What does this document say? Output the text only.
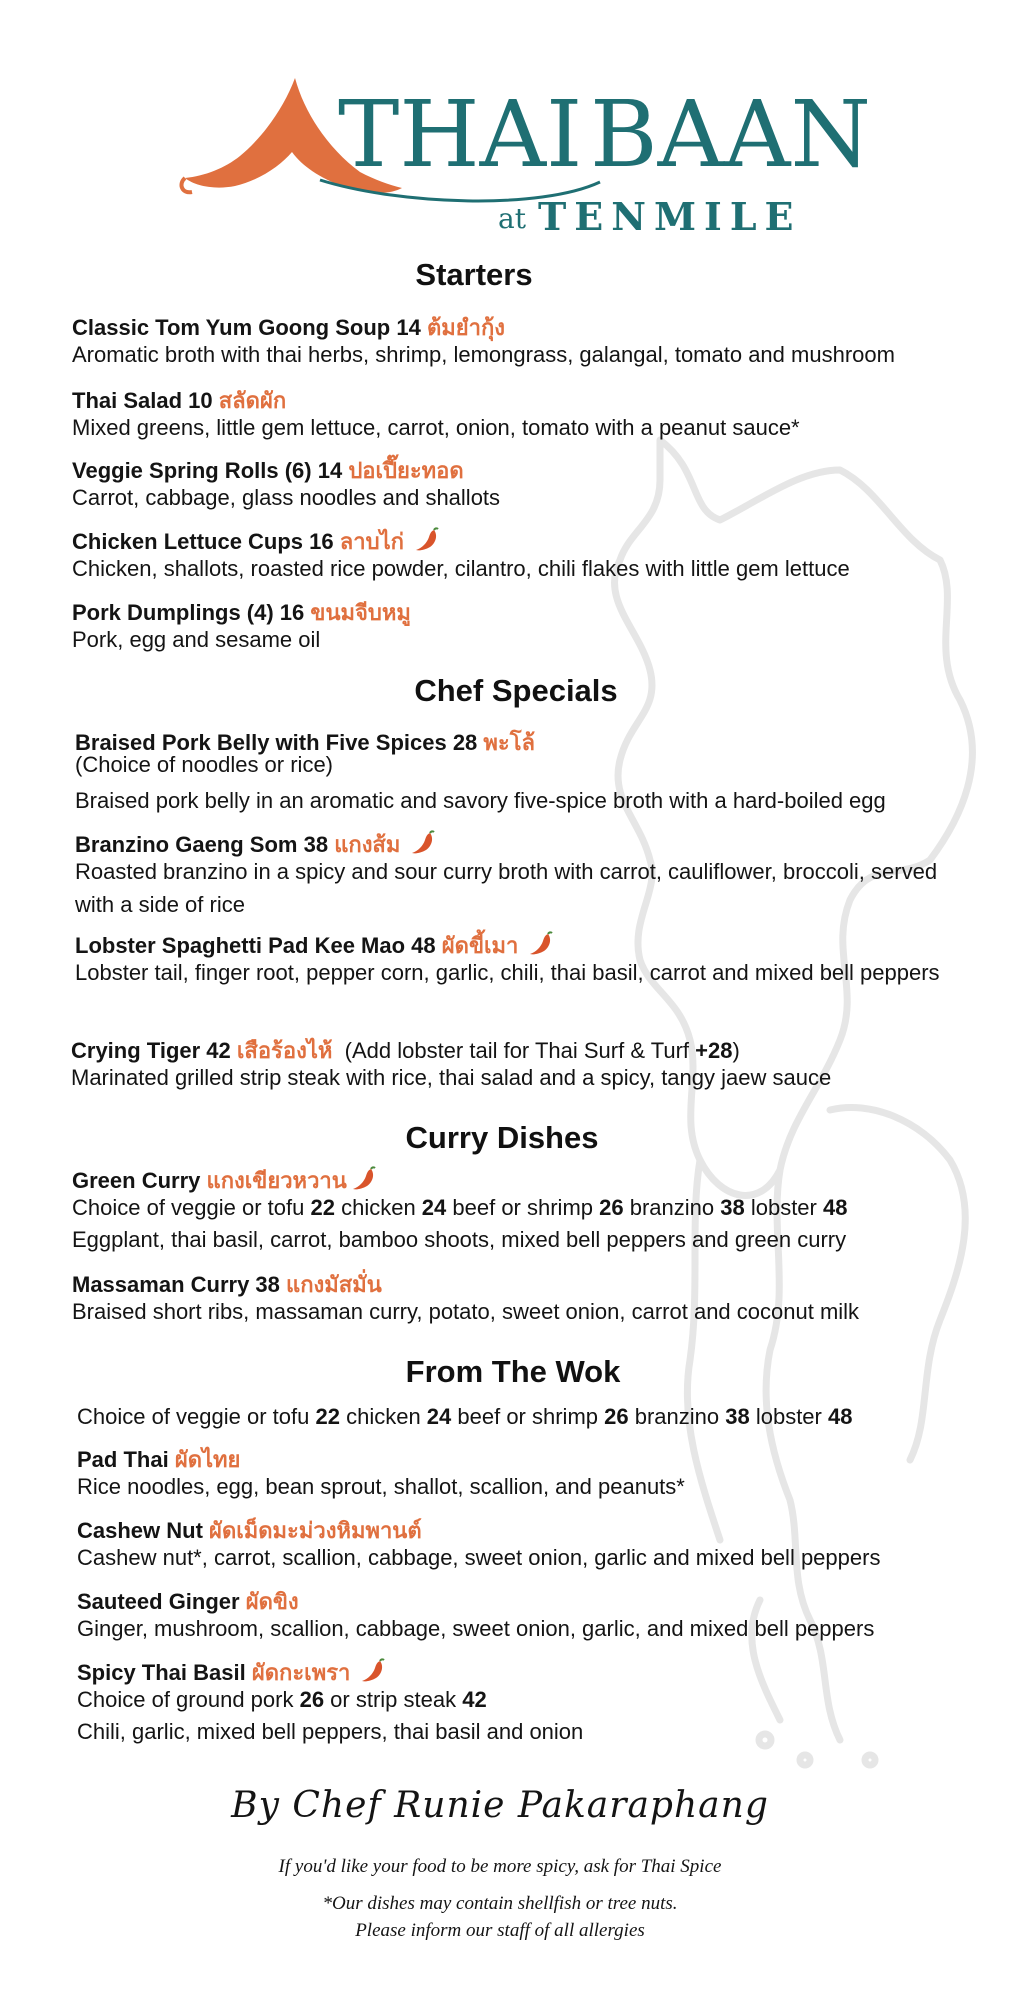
THAI BAAN
at TENMILE
Starters
Classic Tom Yum Goong Soup 14 ต้มยำกุ้ง
Aromatic broth with thai herbs, shrimp, lemongrass, galangal, tomato and mushroom
Thai Salad 10 สลัดผัก
Mixed greens, little gem lettuce, carrot, onion, tomato with a peanut sauce*
Veggie Spring Rolls (6) 14 ปอเปี๊ยะทอด
Carrot, cabbage, glass noodles and shallots
Chicken Lettuce Cups 16 ลาบไก่
Chicken, shallots, roasted rice powder, cilantro, chili flakes with little gem lettuce
Pork Dumplings (4) 16 ขนมจีบหมู
Pork, egg and sesame oil
Chef Specials
Braised Pork Belly with Five Spices 28 พะโล้
(Choice of noodles or rice)
Braised pork belly in an aromatic and savory five-spice broth with a hard-boiled egg
Branzino Gaeng Som 38 แกงส้ม
Roasted branzino in a spicy and sour curry broth with carrot, cauliflower, broccoli, served with a side of rice
Lobster Spaghetti Pad Kee Mao 48 ผัดขี้เมา
Lobster tail, finger root, pepper corn, garlic, chili, thai basil, carrot and mixed bell peppers
Crying Tiger 42 เสือร้องไห้ (Add lobster tail for Thai Surf & Turf +28)
Marinated grilled strip steak with rice, thai salad and a spicy, tangy jaew sauce
Curry Dishes
Green Curry แกงเขียวหวาน
Choice of veggie or tofu 22 chicken 24 beef or shrimp 26 branzino 38 lobster 48
Eggplant, thai basil, carrot, bamboo shoots, mixed bell peppers and green curry
Massaman Curry 38 แกงมัสมั่น
Braised short ribs, massaman curry, potato, sweet onion, carrot and coconut milk
From The Wok
Choice of veggie or tofu 22 chicken 24 beef or shrimp 26 branzino 38 lobster 48
Pad Thai ผัดไทย
Rice noodles, egg, bean sprout, shallot, scallion, and peanuts*
Cashew Nut ผัดเม็ดมะม่วงหิมพานต์
Cashew nut*, carrot, scallion, cabbage, sweet onion, garlic and mixed bell peppers
Sauteed Ginger ผัดขิง
Ginger, mushroom, scallion, cabbage, sweet onion, garlic, and mixed bell peppers
Spicy Thai Basil ผัดกะเพรา
Choice of ground pork 26 or strip steak 42
Chili, garlic, mixed bell peppers, thai basil and onion
By Chef Runie Pakaraphang
If you'd like your food to be more spicy, ask for Thai Spice
*Our dishes may contain shellfish or tree nuts.
Please inform our staff of all allergies
